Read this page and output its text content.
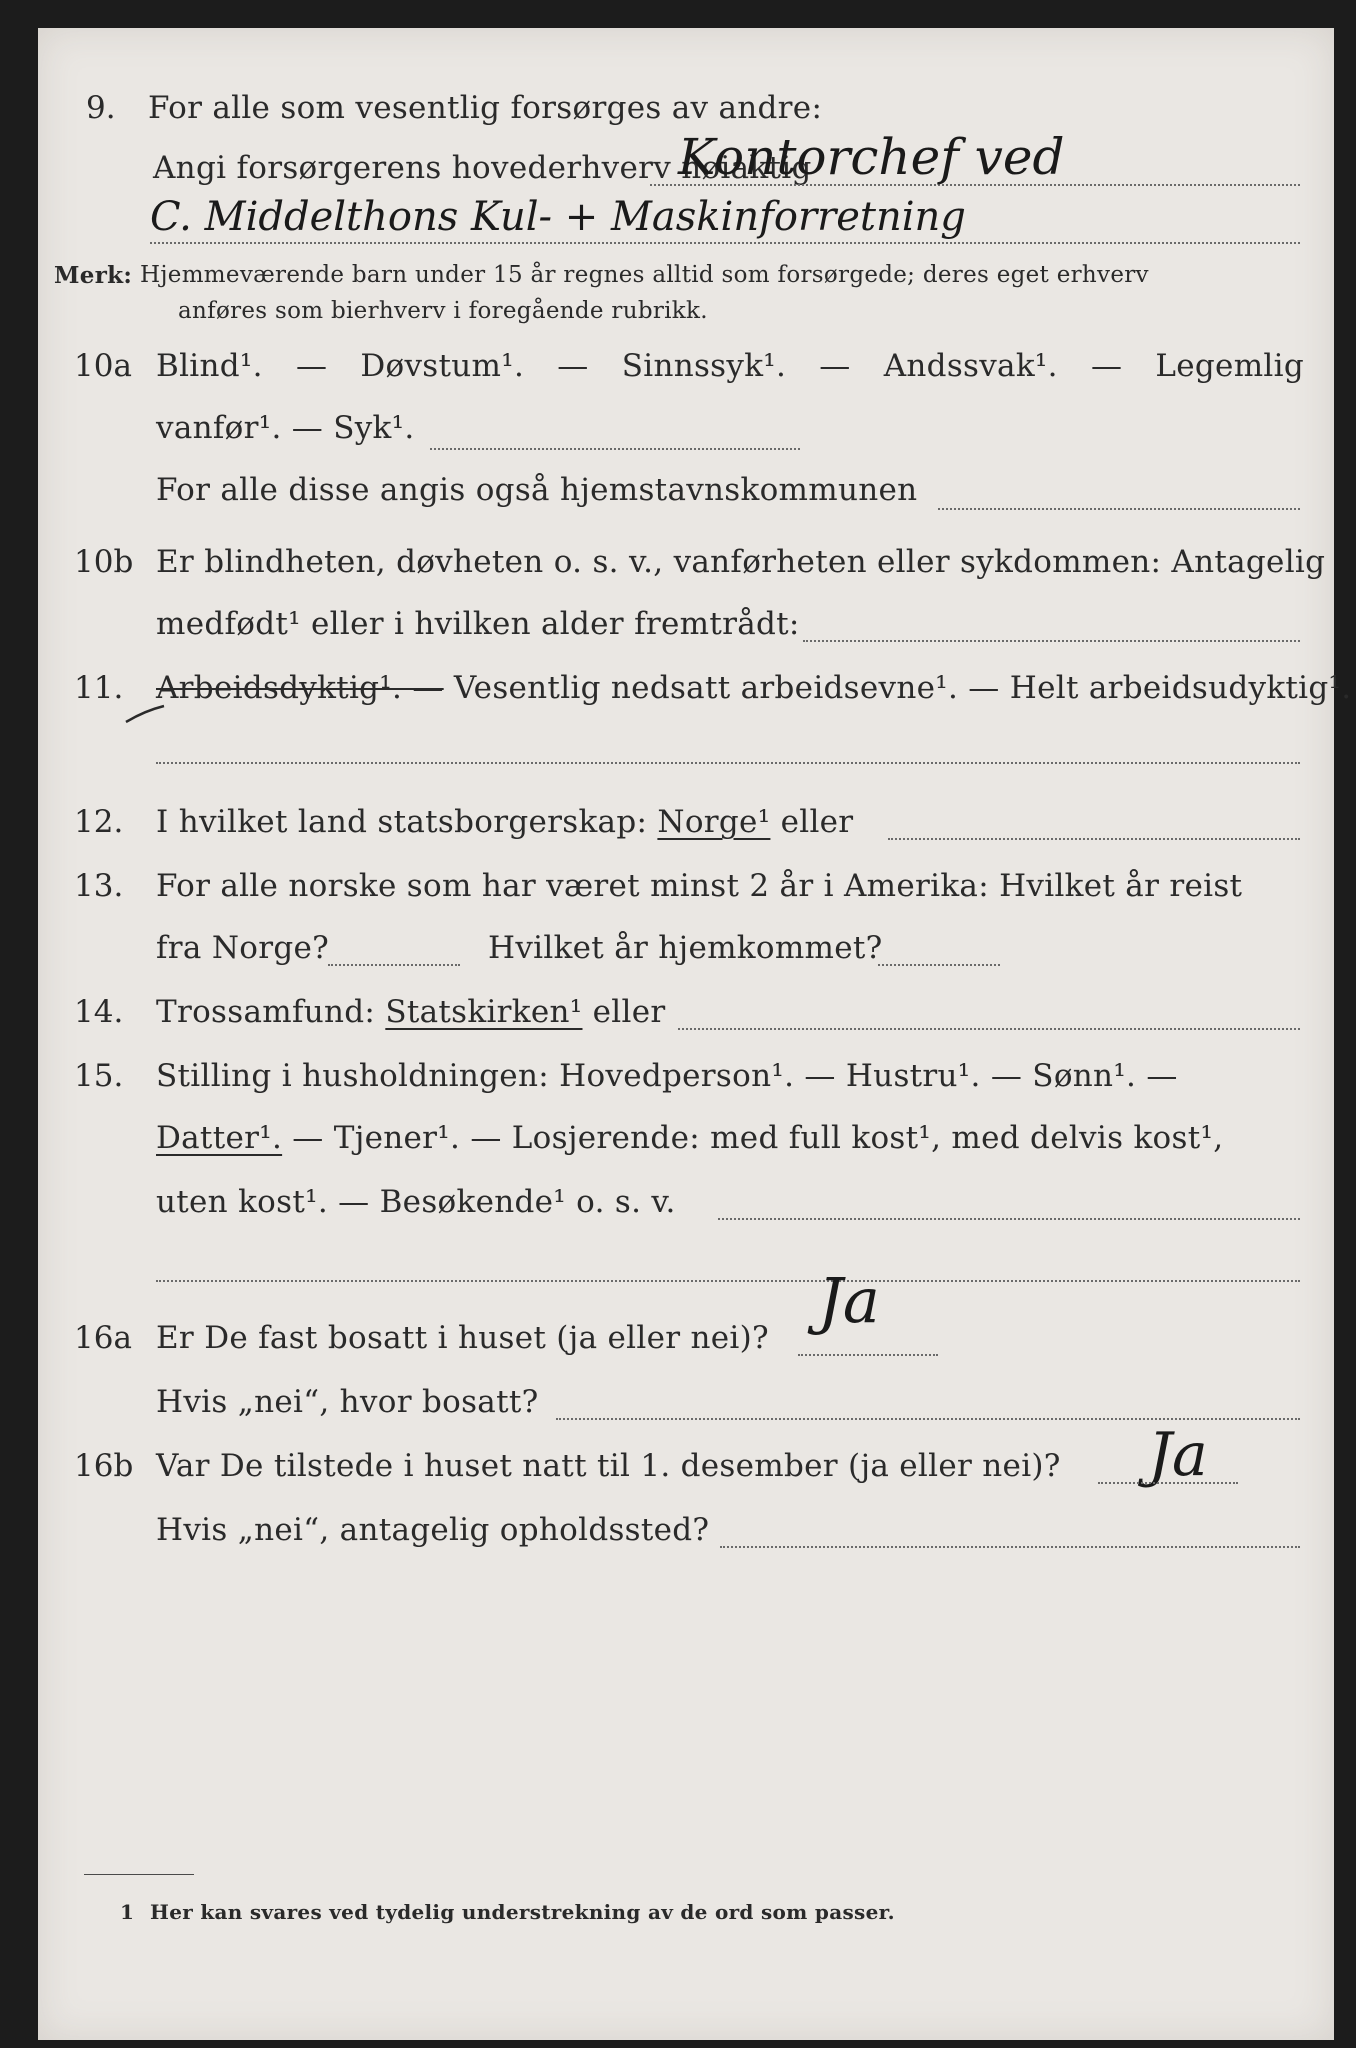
9. For alle som vesentlig forsørges av andre:
Angi forsørgerens hovederhverv nøiaktig
Kontorchef ved
C. Middelthons Kul- + Maskinforretning
Merk: Hjemmeværende barn under 15 år regnes alltid som forsørgede; deres eget erhverv
anføres som bierhverv i foregående rubrikk.
10a Blind¹. — Døvstum¹. — Sinnssyk¹. — Andssvak¹. — Legemlig
vanfør¹. — Syk¹.
For alle disse angis også hjemstavnskommunen
10b Er blindheten, døvheten o. s. v., vanførheten eller sykdommen: Antagelig
medfødt¹ eller i hvilken alder fremtrådt:
11. Arbeidsdyktig¹. — Vesentlig nedsatt arbeidsevne¹. — Helt arbeidsudyktig¹.
12. I hvilket land statsborgerskap: Norge¹ eller
13. For alle norske som har været minst 2 år i Amerika: Hvilket år reist
fra Norge?	Hvilket år hjemkommet?
14. Trossamfund: Statskirken¹ eller
15. Stilling i husholdningen: Hovedperson¹. — Hustru¹. — Sønn¹. —
Datter¹. — Tjener¹. — Losjerende: med full kost¹, med delvis kost¹,
uten kost¹. — Besøkende¹ o. s. v.
16a Er De fast bosatt i huset (ja eller nei)?
Ja
Hvis „nei“, hvor bosatt?
16b Var De tilstede i huset natt til 1. desember (ja eller nei)? Ja
Hvis „nei“, antagelig opholdssted?
1 Her kan svares ved tydelig understrekning av de ord som passer.
